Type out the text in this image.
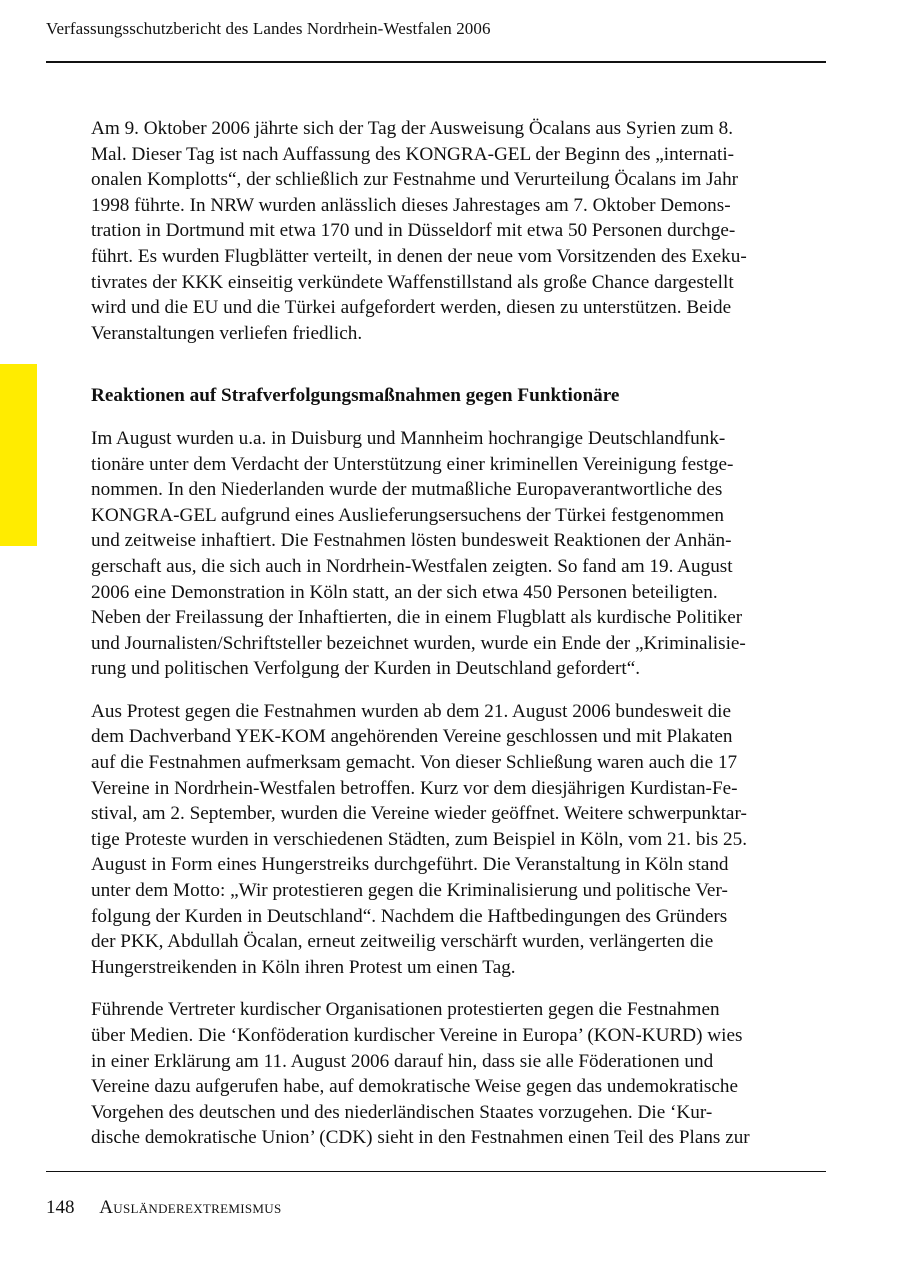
Verfassungsschutzbericht des Landes Nordrhein-Westfalen 2006

Am 9. Oktober 2006 jährte sich der Tag der Ausweisung Öcalans aus Syrien zum 8.
Mal. Dieser Tag ist nach Auffassung des KONGRA-GEL der Beginn des „internati-
onalen Komplotts“, der schließlich zur Festnahme und Verurteilung Öcalans im Jahr
1998 führte. In NRW wurden anlässlich dieses Jahrestages am 7. Oktober Demons-
tration in Dortmund mit etwa 170 und in Düsseldorf mit etwa 50 Personen durchge-
führt. Es wurden Flugblätter verteilt, in denen der neue vom Vorsitzenden des Exeku-
tivrates der KKK einseitig verkündete Waffenstillstand als große Chance dargestellt
wird und die EU und die Türkei aufgefordert werden, diesen zu unterstützen. Beide
Veranstaltungen verliefen friedlich.

Reaktionen auf Strafverfolgungsmaßnahmen gegen Funktionäre

Im August wurden u.a. in Duisburg und Mannheim hochrangige Deutschlandfunk-
tionäre unter dem Verdacht der Unterstützung einer kriminellen Vereinigung festge-
nommen. In den Niederlanden wurde der mutmaßliche Europaverantwortliche des
KONGRA-GEL aufgrund eines Auslieferungsersuchens der Türkei festgenommen
und zeitweise inhaftiert. Die Festnahmen lösten bundesweit Reaktionen der Anhän-
gerschaft aus, die sich auch in Nordrhein-Westfalen zeigten. So fand am 19. August
2006 eine Demonstration in Köln statt, an der sich etwa 450 Personen beteiligten.
Neben der Freilassung der Inhaftierten, die in einem Flugblatt als kurdische Politiker
und Journalisten/Schriftsteller bezeichnet wurden, wurde ein Ende der „Kriminalisie-
rung und politischen Verfolgung der Kurden in Deutschland gefordert“.

Aus Protest gegen die Festnahmen wurden ab dem 21. August 2006 bundesweit die
dem Dachverband YEK-KOM angehörenden Vereine geschlossen und mit Plakaten
auf die Festnahmen aufmerksam gemacht. Von dieser Schließung waren auch die 17
Vereine in Nordrhein-Westfalen betroffen. Kurz vor dem diesjährigen Kurdistan-Fe-
stival, am 2. September, wurden die Vereine wieder geöffnet. Weitere schwerpunktar-
tige Proteste wurden in verschiedenen Städten, zum Beispiel in Köln, vom 21. bis 25.
August in Form eines Hungerstreiks durchgeführt. Die Veranstaltung in Köln stand
unter dem Motto: „Wir protestieren gegen die Kriminalisierung und politische Ver-
folgung der Kurden in Deutschland“. Nachdem die Haftbedingungen des Gründers
der PKK, Abdullah Öcalan, erneut zeitweilig verschärft wurden, verlängerten die
Hungerstreikenden in Köln ihren Protest um einen Tag.

Führende Vertreter kurdischer Organisationen protestierten gegen die Festnahmen
über Medien. Die ‘Konföderation kurdischer Vereine in Europa’ (KON-KURD) wies
in einer Erklärung am 11. August 2006 darauf hin, dass sie alle Föderationen und
Vereine dazu aufgerufen habe, auf demokratische Weise gegen das undemokratische
Vorgehen des deutschen und des niederländischen Staates vorzugehen. Die ‘Kur-
dische demokratische Union’ (CDK) sieht in den Festnahmen einen Teil des Plans zur

148 Ausländerextremismus
